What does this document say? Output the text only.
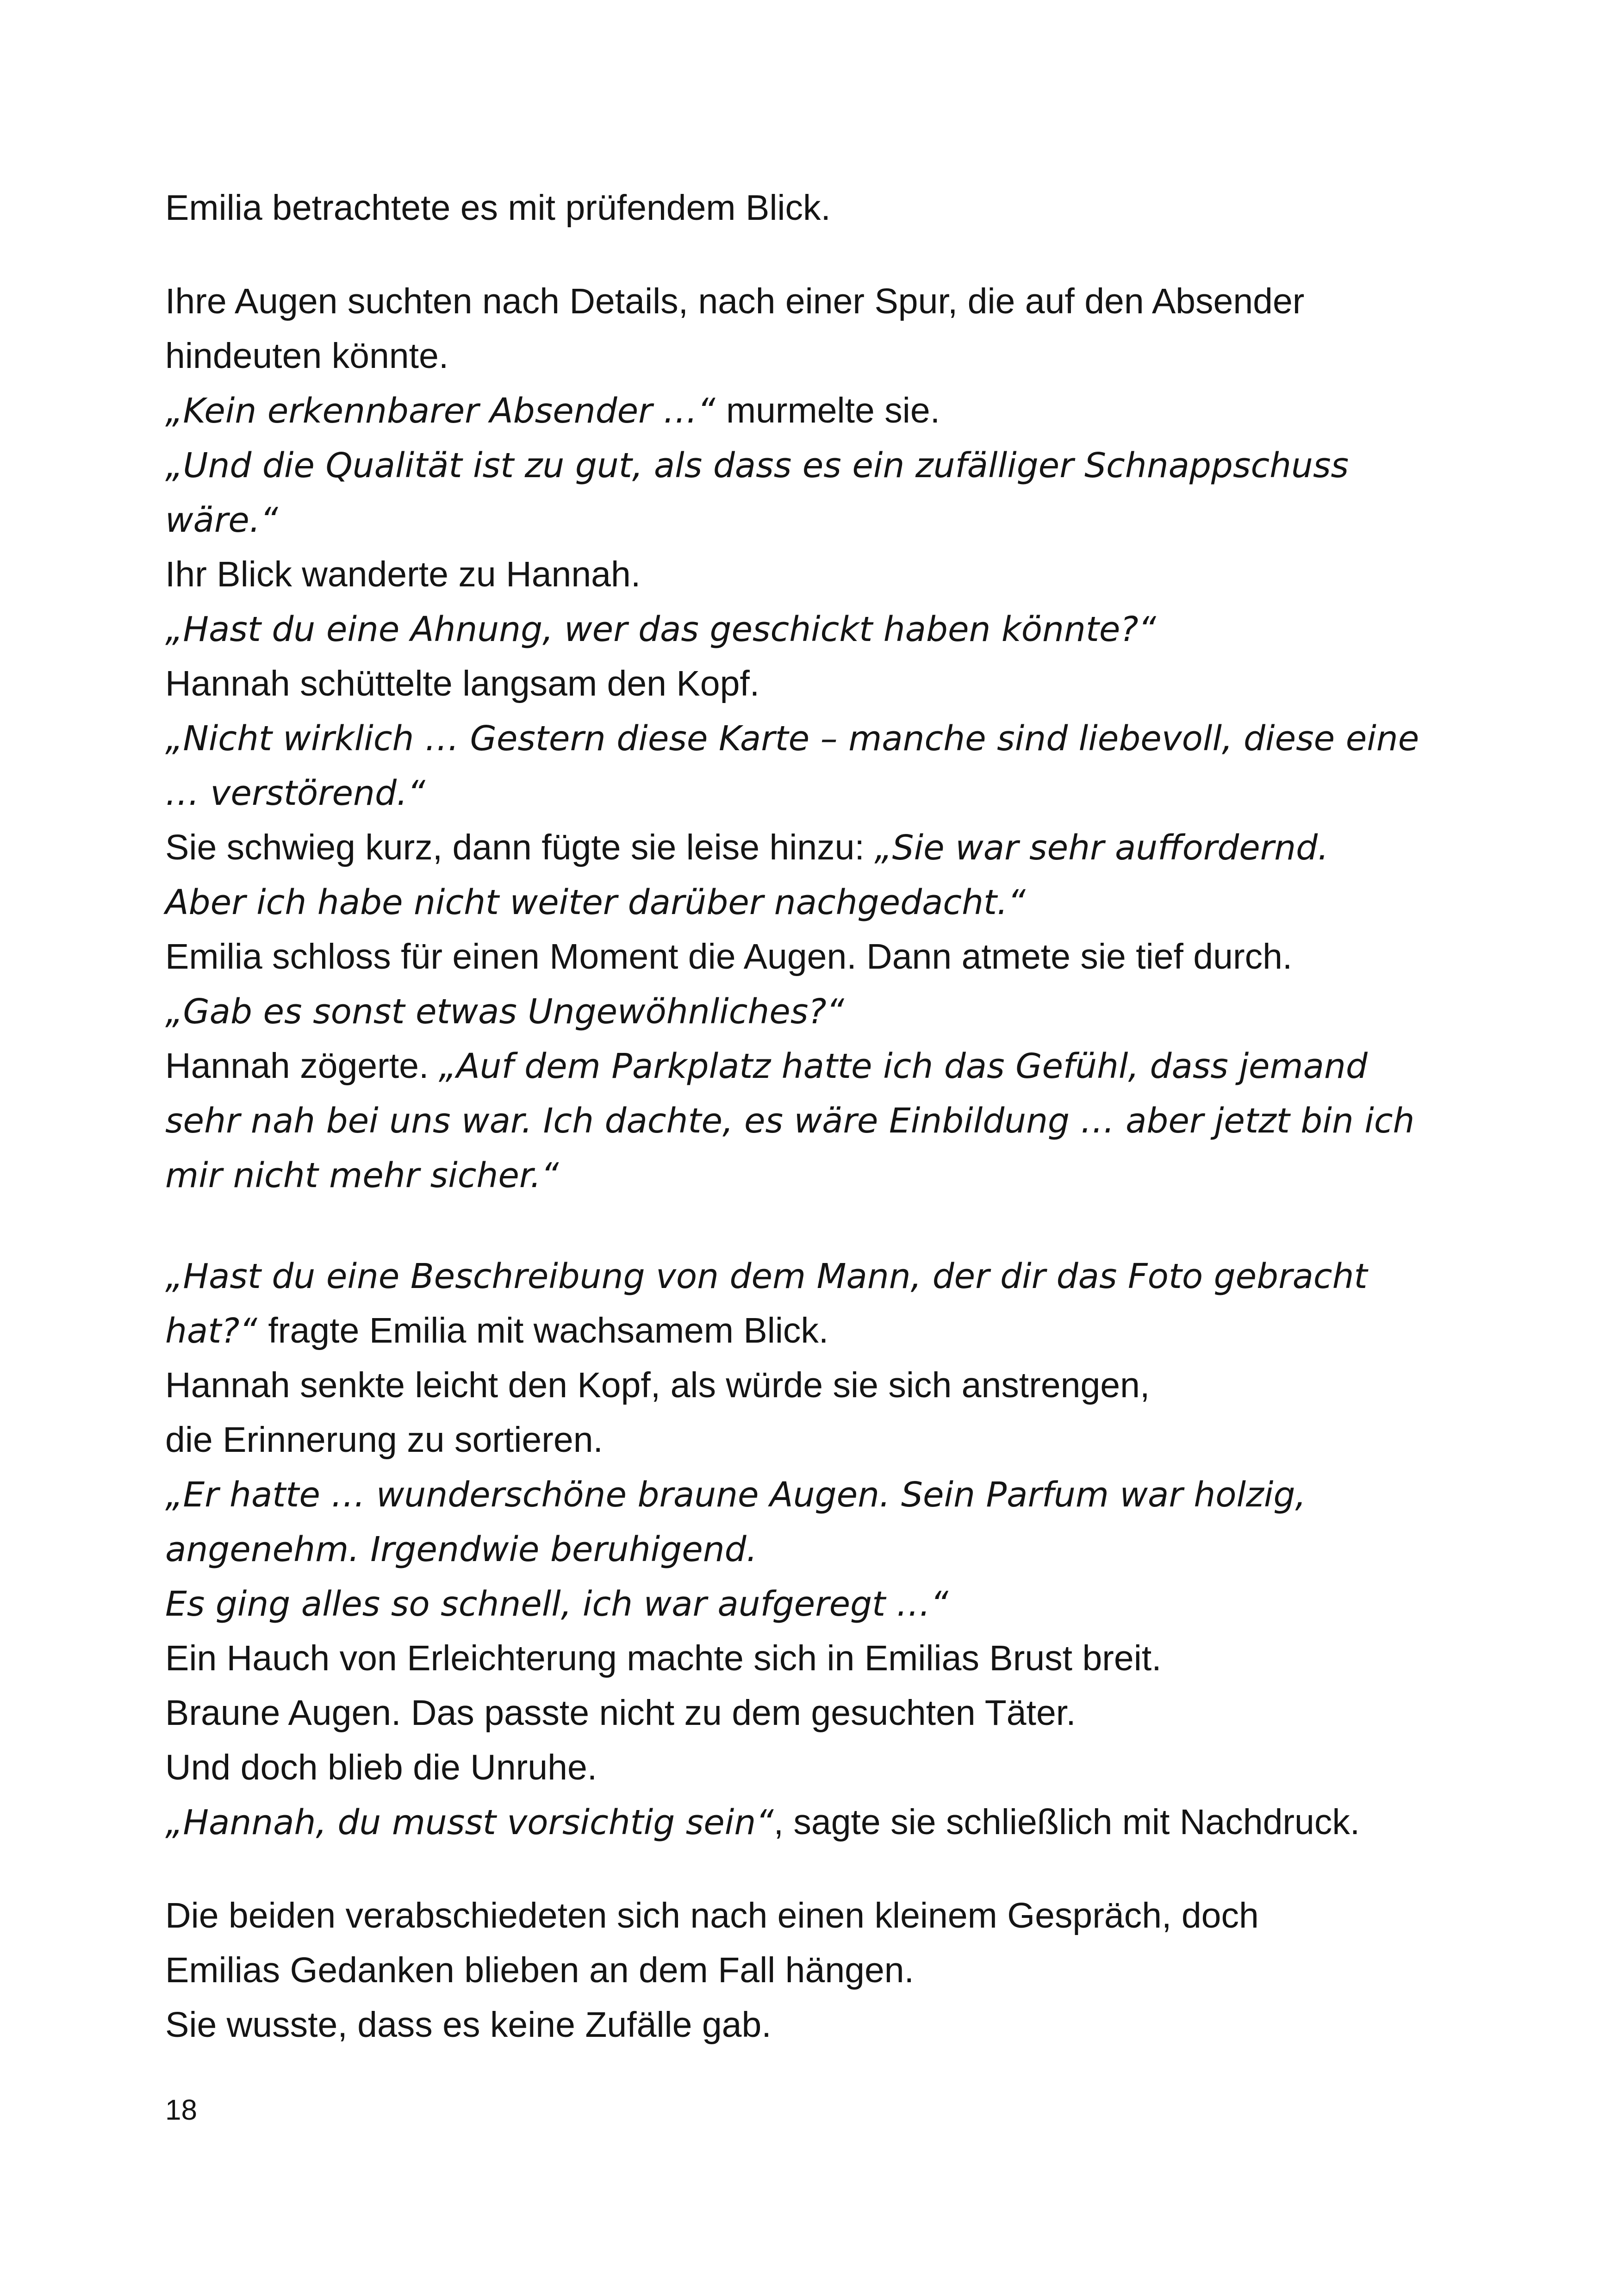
Emilia betrachtete es mit prüfendem Blick.
Ihre Augen suchten nach Details, nach einer Spur, die auf den Absender
hindeuten könnte.
„Kein erkennbarer Absender …“ murmelte sie.
„Und die Qualität ist zu gut, als dass es ein zufälliger Schnappschuss
wäre.“
Ihr Blick wanderte zu Hannah.
„Hast du eine Ahnung, wer das geschickt haben könnte?“
Hannah schüttelte langsam den Kopf.
„Nicht wirklich … Gestern diese Karte – manche sind liebevoll, diese eine
… verstörend.“
Sie schwieg kurz, dann fügte sie leise hinzu: „Sie war sehr auffordernd.
Aber ich habe nicht weiter darüber nachgedacht.“
Emilia schloss für einen Moment die Augen. Dann atmete sie tief durch.
„Gab es sonst etwas Ungewöhnliches?“
Hannah zögerte. „Auf dem Parkplatz hatte ich das Gefühl, dass jemand
sehr nah bei uns war. Ich dachte, es wäre Einbildung … aber jetzt bin ich
mir nicht mehr sicher.“
„Hast du eine Beschreibung von dem Mann, der dir das Foto gebracht
hat?“ fragte Emilia mit wachsamem Blick.
Hannah senkte leicht den Kopf, als würde sie sich anstrengen,
die Erinnerung zu sortieren.
„Er hatte … wunderschöne braune Augen. Sein Parfum war holzig,
angenehm. Irgendwie beruhigend.
Es ging alles so schnell, ich war aufgeregt …“
Ein Hauch von Erleichterung machte sich in Emilias Brust breit.
Braune Augen. Das passte nicht zu dem gesuchten Täter.
Und doch blieb die Unruhe.
„Hannah, du musst vorsichtig sein“, sagte sie schließlich mit Nachdruck.
Die beiden verabschiedeten sich nach einen kleinem Gespräch, doch
Emilias Gedanken blieben an dem Fall hängen.
Sie wusste, dass es keine Zufälle gab.
18
